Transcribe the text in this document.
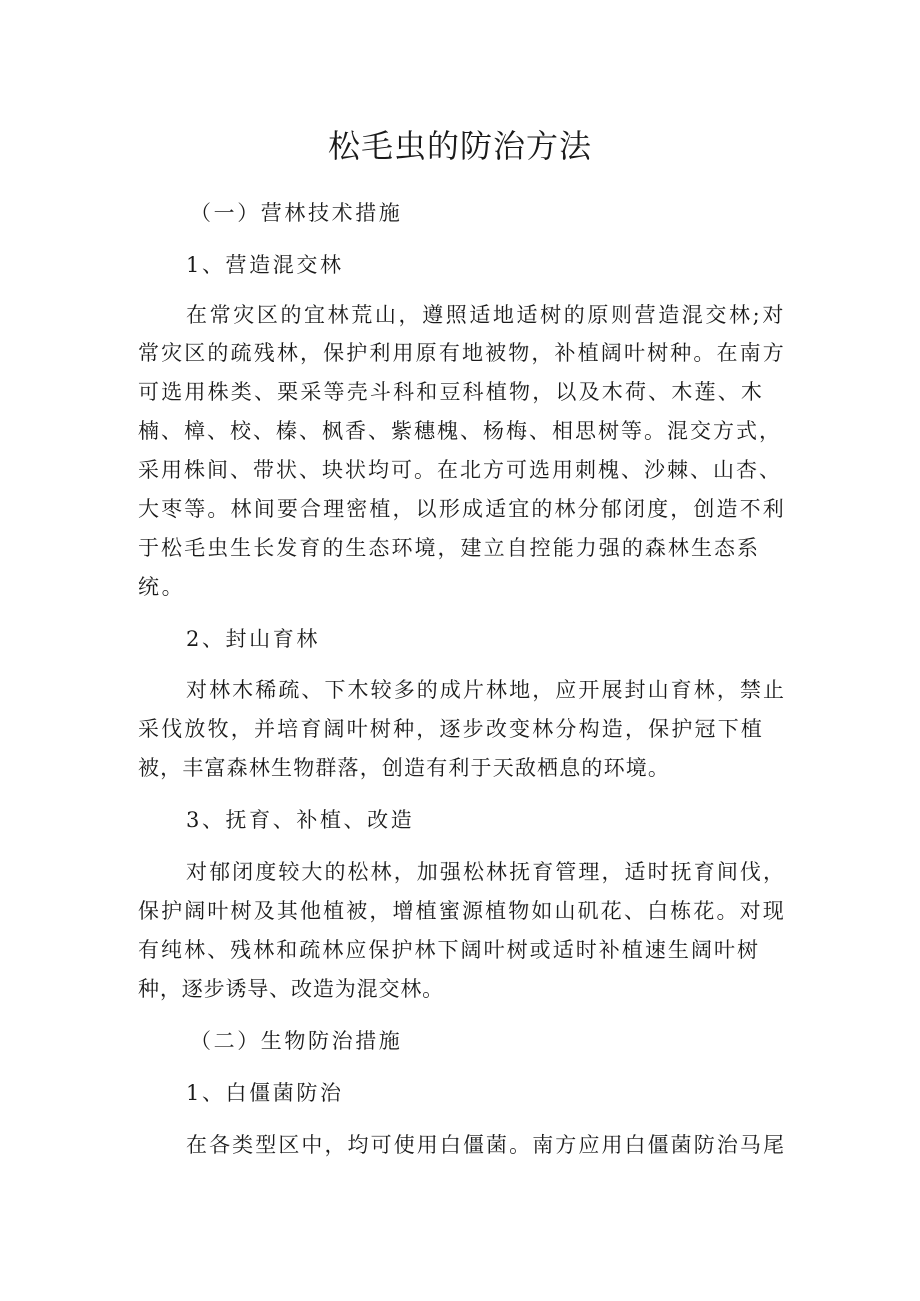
松毛虫的防治方法
（一）营林技术措施
1、营造混交林
在常灾区的宜林荒山，遵照适地适树的原则营造混交林;对
常灾区的疏残林，保护利用原有地被物，补植阔叶树种。在南方
可选用株类、栗采等壳斗科和豆科植物，以及木荷、木莲、木
楠、樟、校、榛、枫香、紫穗槐、杨梅、相思树等。混交方式，
采用株间、带状、块状均可。在北方可选用刺槐、沙棘、山杏、
大枣等。林间要合理密植，以形成适宜的林分郁闭度，创造不利
于松毛虫生长发育的生态环境，建立自控能力强的森林生态系
统。
2、封山育林
对林木稀疏、下木较多的成片林地，应开展封山育林，禁止
采伐放牧，并培育阔叶树种，逐步改变林分构造，保护冠下植
被，丰富森林生物群落，创造有利于天敌栖息的环境。
3、抚育、补植、改造
对郁闭度较大的松林，加强松林抚育管理，适时抚育间伐，
保护阔叶树及其他植被，增植蜜源植物如山矶花、白栋花。对现
有纯林、残林和疏林应保护林下阔叶树或适时补植速生阔叶树
种，逐步诱导、改造为混交林。
（二）生物防治措施
1、白僵菌防治
在各类型区中，均可使用白僵菌。南方应用白僵菌防治马尾
